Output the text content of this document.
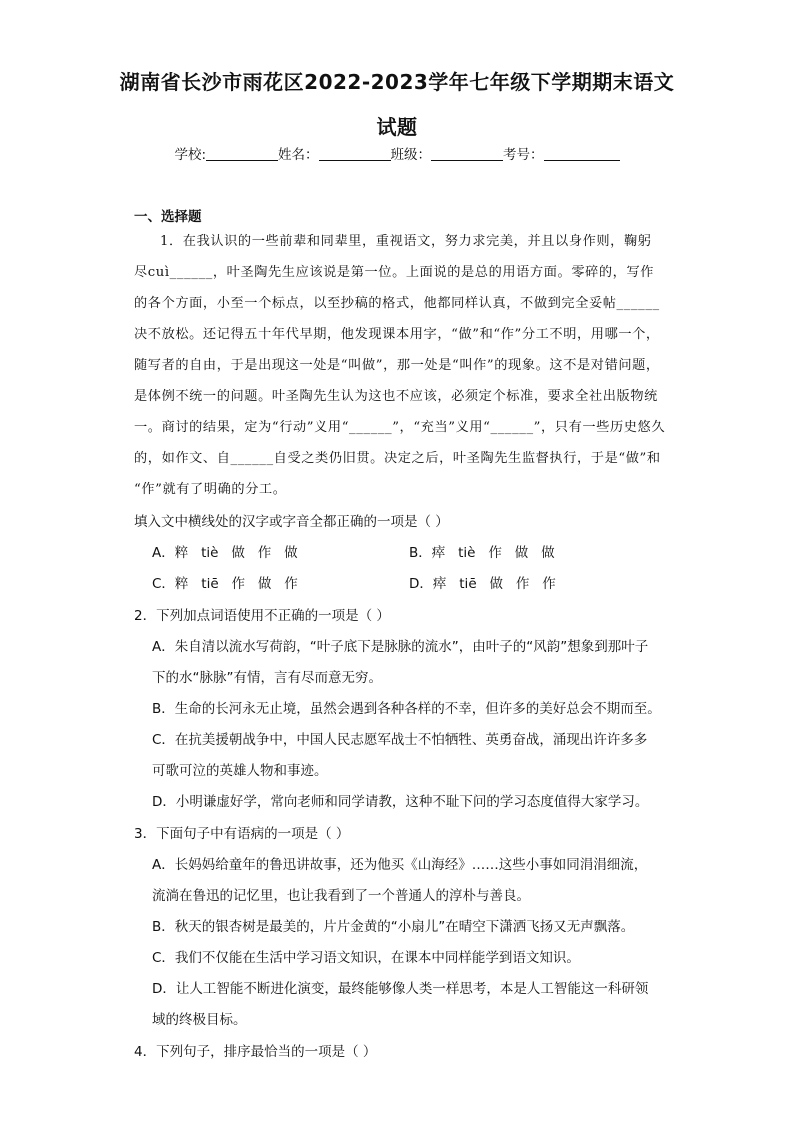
湖南省长沙市雨花区2022-2023学年七年级下学期期末语文
试题
学校:	姓名：	班级：	考号：
一、选择题
1．在我认识的一些前辈和同辈里，重视语文，努力求完美，并且以身作则，鞠躬
尽cuì______，叶圣陶先生应该说是第一位。上面说的是总的用语方面。零碎的，写作
的各个方面，小至一个标点，以至抄稿的格式，他都同样认真，不做到完全妥帖______
决不放松。还记得五十年代早期，他发现课本用字，“做”和“作”分工不明，用哪一个，
随写者的自由，于是出现这一处是“叫做”，那一处是“叫作”的现象。这不是对错问题，
是体例不统一的问题。叶圣陶先生认为这也不应该，必须定个标准，要求全社出版物统
一。商讨的结果，定为“行动”义用“______”，“充当”义用“______”，只有一些历史悠久
的，如作文、自______自受之类仍旧贯。决定之后，叶圣陶先生监督执行，于是“做”和
“作”就有了明确的分工。
填入文中横线处的汉字或字音全都正确的一项是（ ）
A．粹   tiè   做   作   做	B．瘁   tiè   作   做   做
C．粹   tiē   作   做   作	D．瘁   tiē   做   作   作
2．下列加点词语使用不正确的一项是（ ）
A．朱自清以流水写荷韵，“叶子底下是脉脉的流水”，由叶子的“风韵”想象到那叶子
下的水“脉脉”有情，言有尽而意无穷。
B．生命的长河永无止境，虽然会遇到各种各样的不幸，但许多的美好总会不期而至。
C．在抗美援朝战争中，中国人民志愿军战士不怕牺牲、英勇奋战，涌现出许许多多
可歌可泣的英雄人物和事迹。
D．小明谦虚好学，常向老师和同学请教，这种不耻下问的学习态度值得大家学习。
3．下面句子中有语病的一项是（ ）
A．长妈妈给童年的鲁迅讲故事，还为他买《山海经》……这些小事如同涓涓细流，
流淌在鲁迅的记忆里，也让我看到了一个普通人的淳朴与善良。
B．秋天的银杏树是最美的，片片金黄的“小扇儿”在晴空下潇洒飞扬又无声飘落。
C．我们不仅能在生活中学习语文知识，在课本中同样能学到语文知识。
D．让人工智能不断进化演变，最终能够像人类一样思考，本是人工智能这一科研领
域的终极目标。
4．下列句子，排序最恰当的一项是（ ）
